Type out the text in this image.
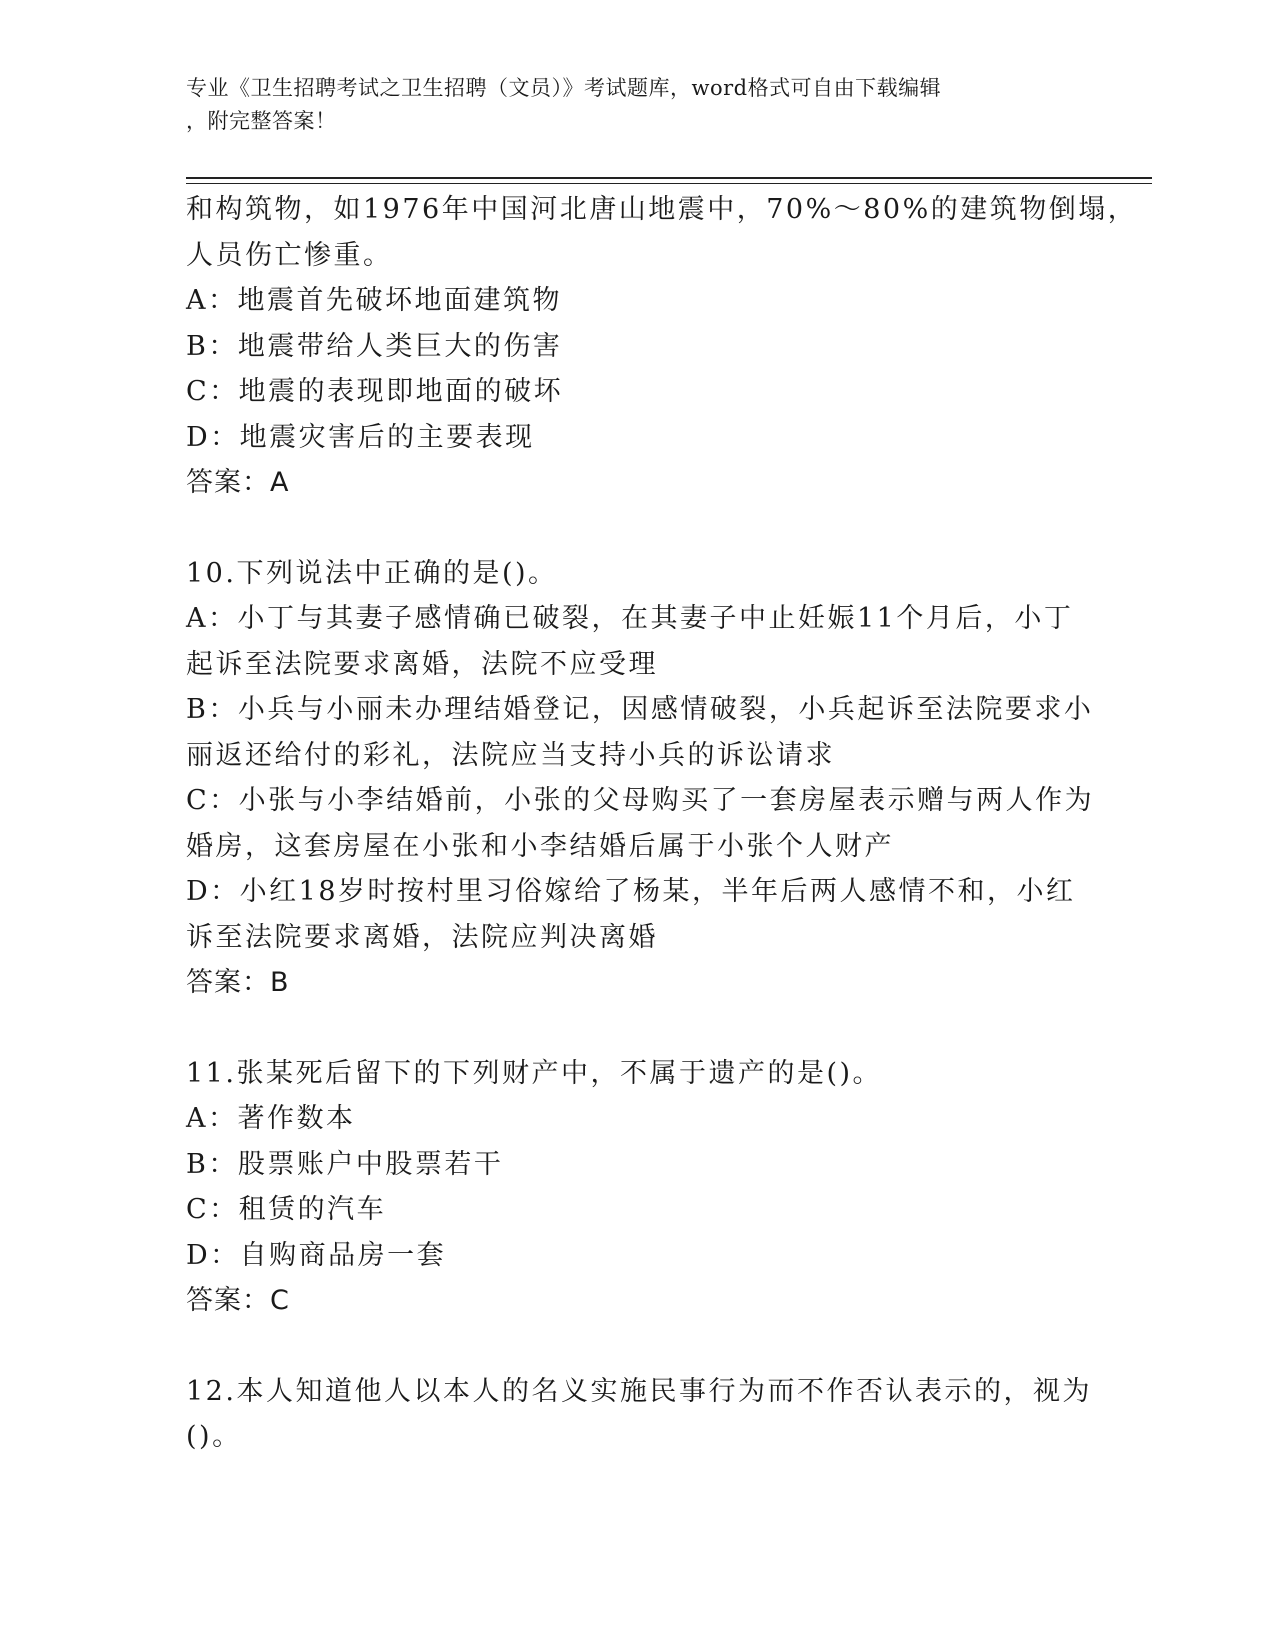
专业《卫生招聘考试之卫生招聘（文员）》考试题库，word格式可自由下载编辑
，附完整答案！
和构筑物，如1976年中国河北唐山地震中，70%～80%的建筑物倒塌，
人员伤亡惨重。
A：地震首先破坏地面建筑物
B：地震带给人类巨大的伤害
C：地震的表现即地面的破坏
D：地震灾害后的主要表现
答案：A
10.下列说法中正确的是()。
A：小丁与其妻子感情确已破裂，在其妻子中止妊娠11个月后，小丁
起诉至法院要求离婚，法院不应受理
B：小兵与小丽未办理结婚登记，因感情破裂，小兵起诉至法院要求小
丽返还给付的彩礼，法院应当支持小兵的诉讼请求
C：小张与小李结婚前，小张的父母购买了一套房屋表示赠与两人作为
婚房，这套房屋在小张和小李结婚后属于小张个人财产
D：小红18岁时按村里习俗嫁给了杨某，半年后两人感情不和，小红
诉至法院要求离婚，法院应判决离婚
答案：B
11.张某死后留下的下列财产中，不属于遗产的是()。
A：著作数本
B：股票账户中股票若干
C：租赁的汽车
D：自购商品房一套
答案：C
12.本人知道他人以本人的名义实施民事行为而不作否认表示的，视为
()。
